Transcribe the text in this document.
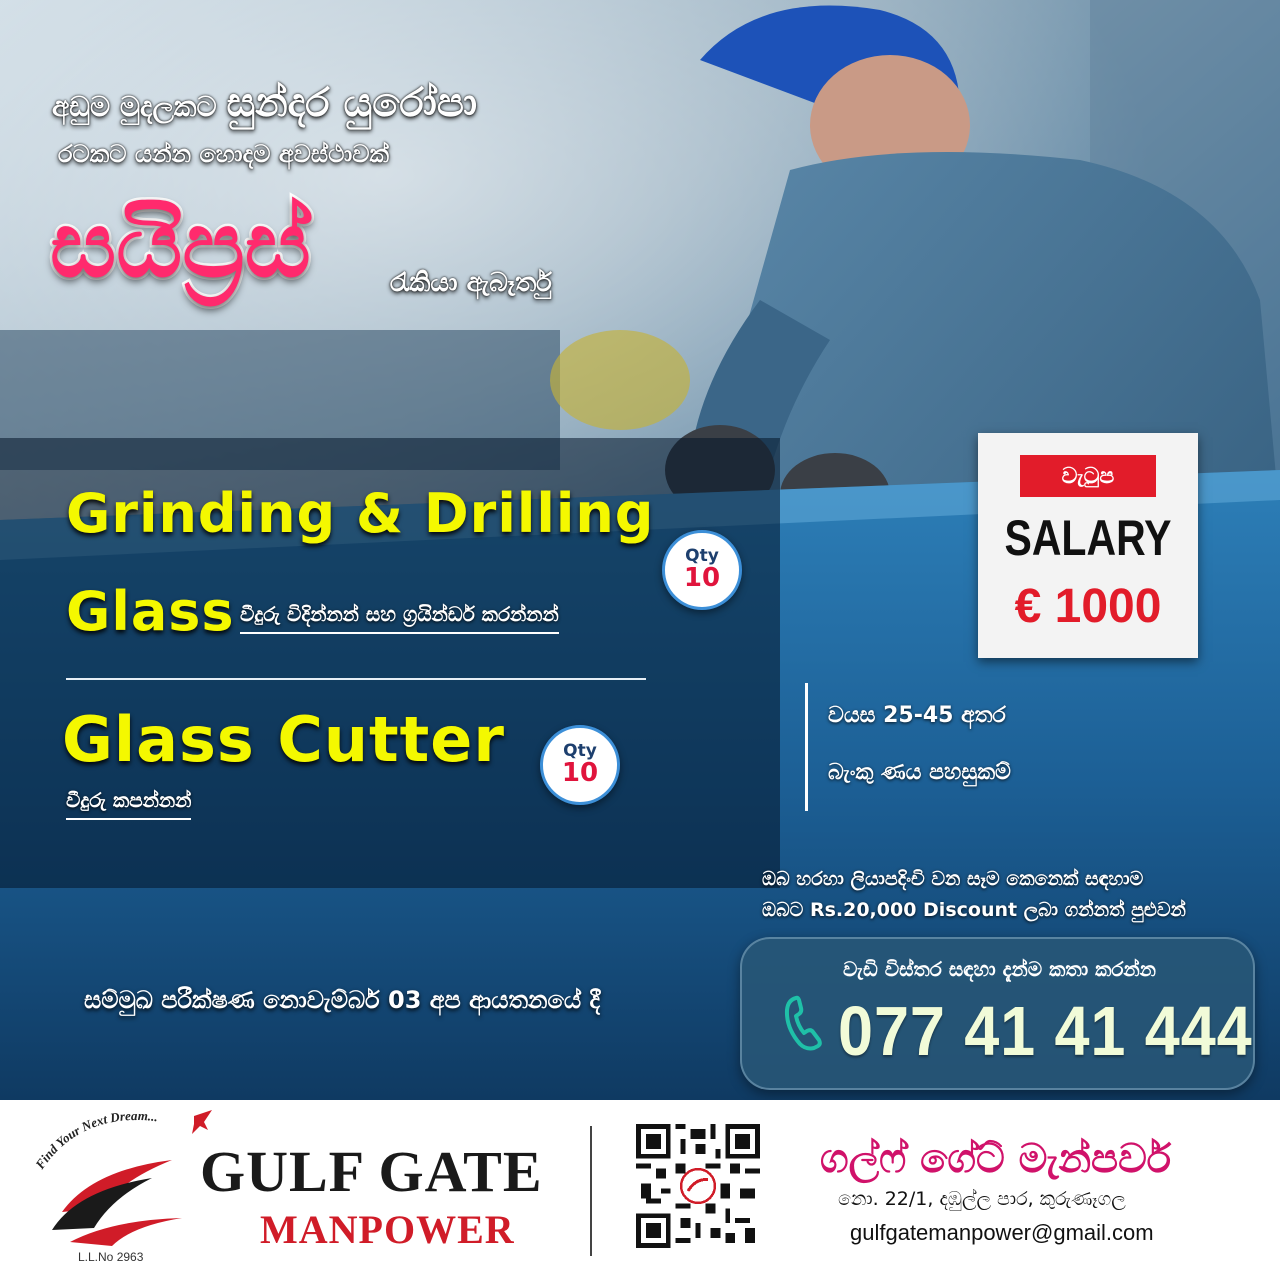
අඩුම මුදලකට සුන්දර යුරෝපා
රටකට යන්න හොදම අවස්ථාවක්
සයිප්‍රස්	රැකියා ඇබෑර්තු
Grinding & Drilling
Glass වීදුරු විදින්නන් සහ ග්‍රයින්ඩර් කරන්නන්
Qty
10
Glass Cutter
වීදුරු කපන්නන්
Qty
10
වැටුප
SALARY
€ 1000
වයස 25-45 අතර
බැංකු ණය පහසුකම්
ඔබ හරහා ලියාපදිංචි වන සෑම කෙනෙක් සඳහාම
ඔබට Rs.20,000 Discount ලබා ගන්නත් පුළුවන්
සම්මුඛ පරීක්ෂණ නොවැම්බර් 03 අප ආයතනයේ දී
වැඩි විස්තර සඳහා දැන්ම කතා කරන්න
077 41 41 444
Find Your Next Dream...
GULF GATE
MANPOWER
L.L.No 2963
ගල්ෆ් ගේට් මැන්පවර්
නො. 22/1, දඹුල්ල පාර, කුරුණෑගල
gulfgatemanpower@gmail.com
